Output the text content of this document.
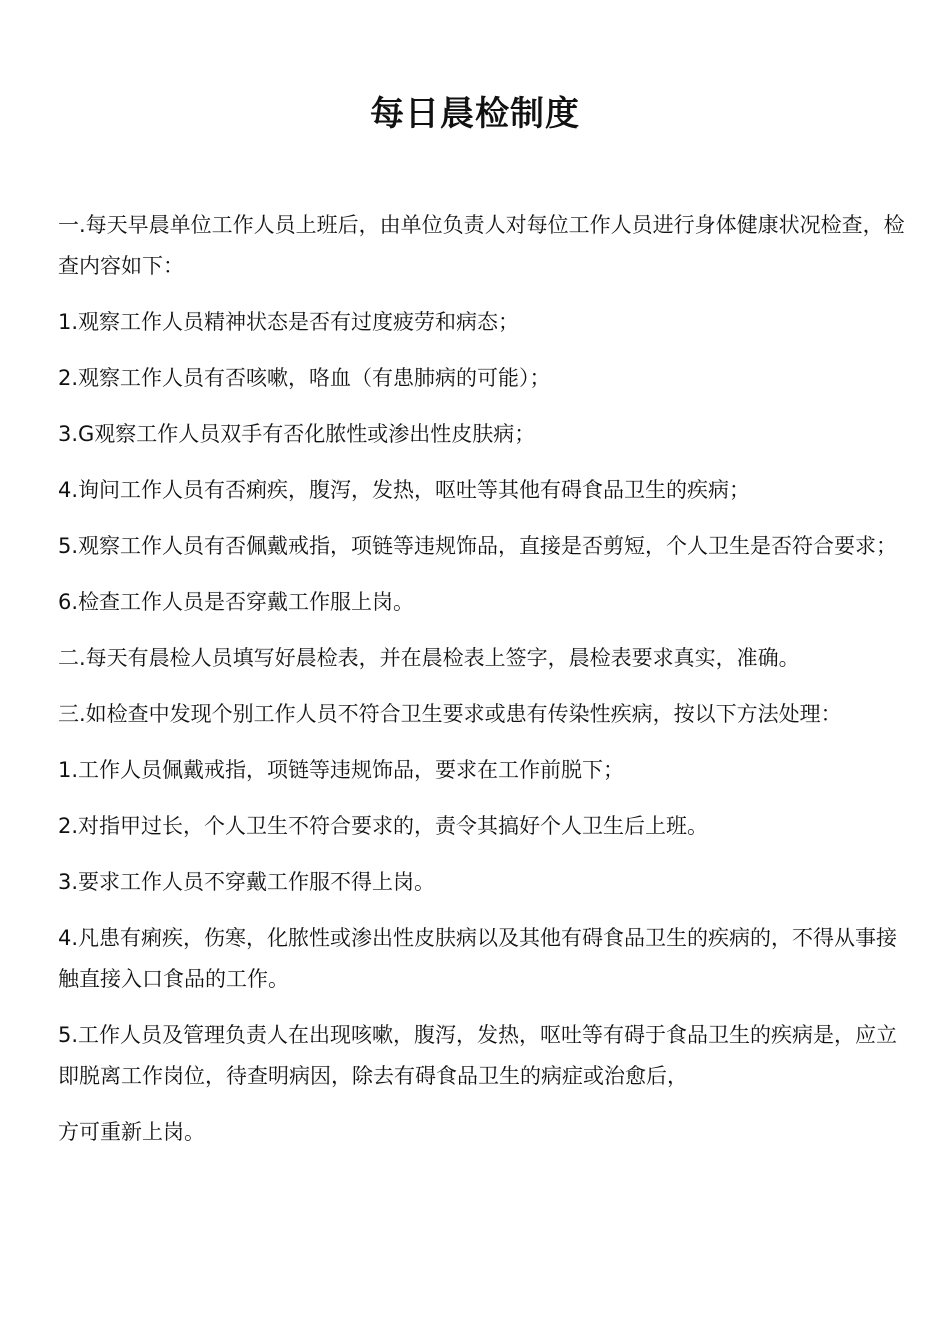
每日晨检制度

一.每天早晨单位工作人员上班后，由单位负责人对每位工作人员进行身体健康状况检查，检查内容如下：

1.观察工作人员精神状态是否有过度疲劳和病态；

2.观察工作人员有否咳嗽，咯血（有患肺病的可能）；

3.G观察工作人员双手有否化脓性或渗出性皮肤病；

4.询问工作人员有否痢疾，腹泻，发热，呕吐等其他有碍食品卫生的疾病；

5.观察工作人员有否佩戴戒指，项链等违规饰品，直接是否剪短，个人卫生是否符合要求；

6.检查工作人员是否穿戴工作服上岗。

二.每天有晨检人员填写好晨检表，并在晨检表上签字，晨检表要求真实，准确。

三.如检查中发现个别工作人员不符合卫生要求或患有传染性疾病，按以下方法处理：

1.工作人员佩戴戒指，项链等违规饰品，要求在工作前脱下；

2.对指甲过长，个人卫生不符合要求的，责令其搞好个人卫生后上班。

3.要求工作人员不穿戴工作服不得上岗。

4.凡患有痢疾，伤寒，化脓性或渗出性皮肤病以及其他有碍食品卫生的疾病的，不得从事接触直接入口食品的工作。

5.工作人员及管理负责人在出现咳嗽，腹泻，发热，呕吐等有碍于食品卫生的疾病是，应立即脱离工作岗位，待查明病因，除去有碍食品卫生的病症或治愈后，

方可重新上岗。
